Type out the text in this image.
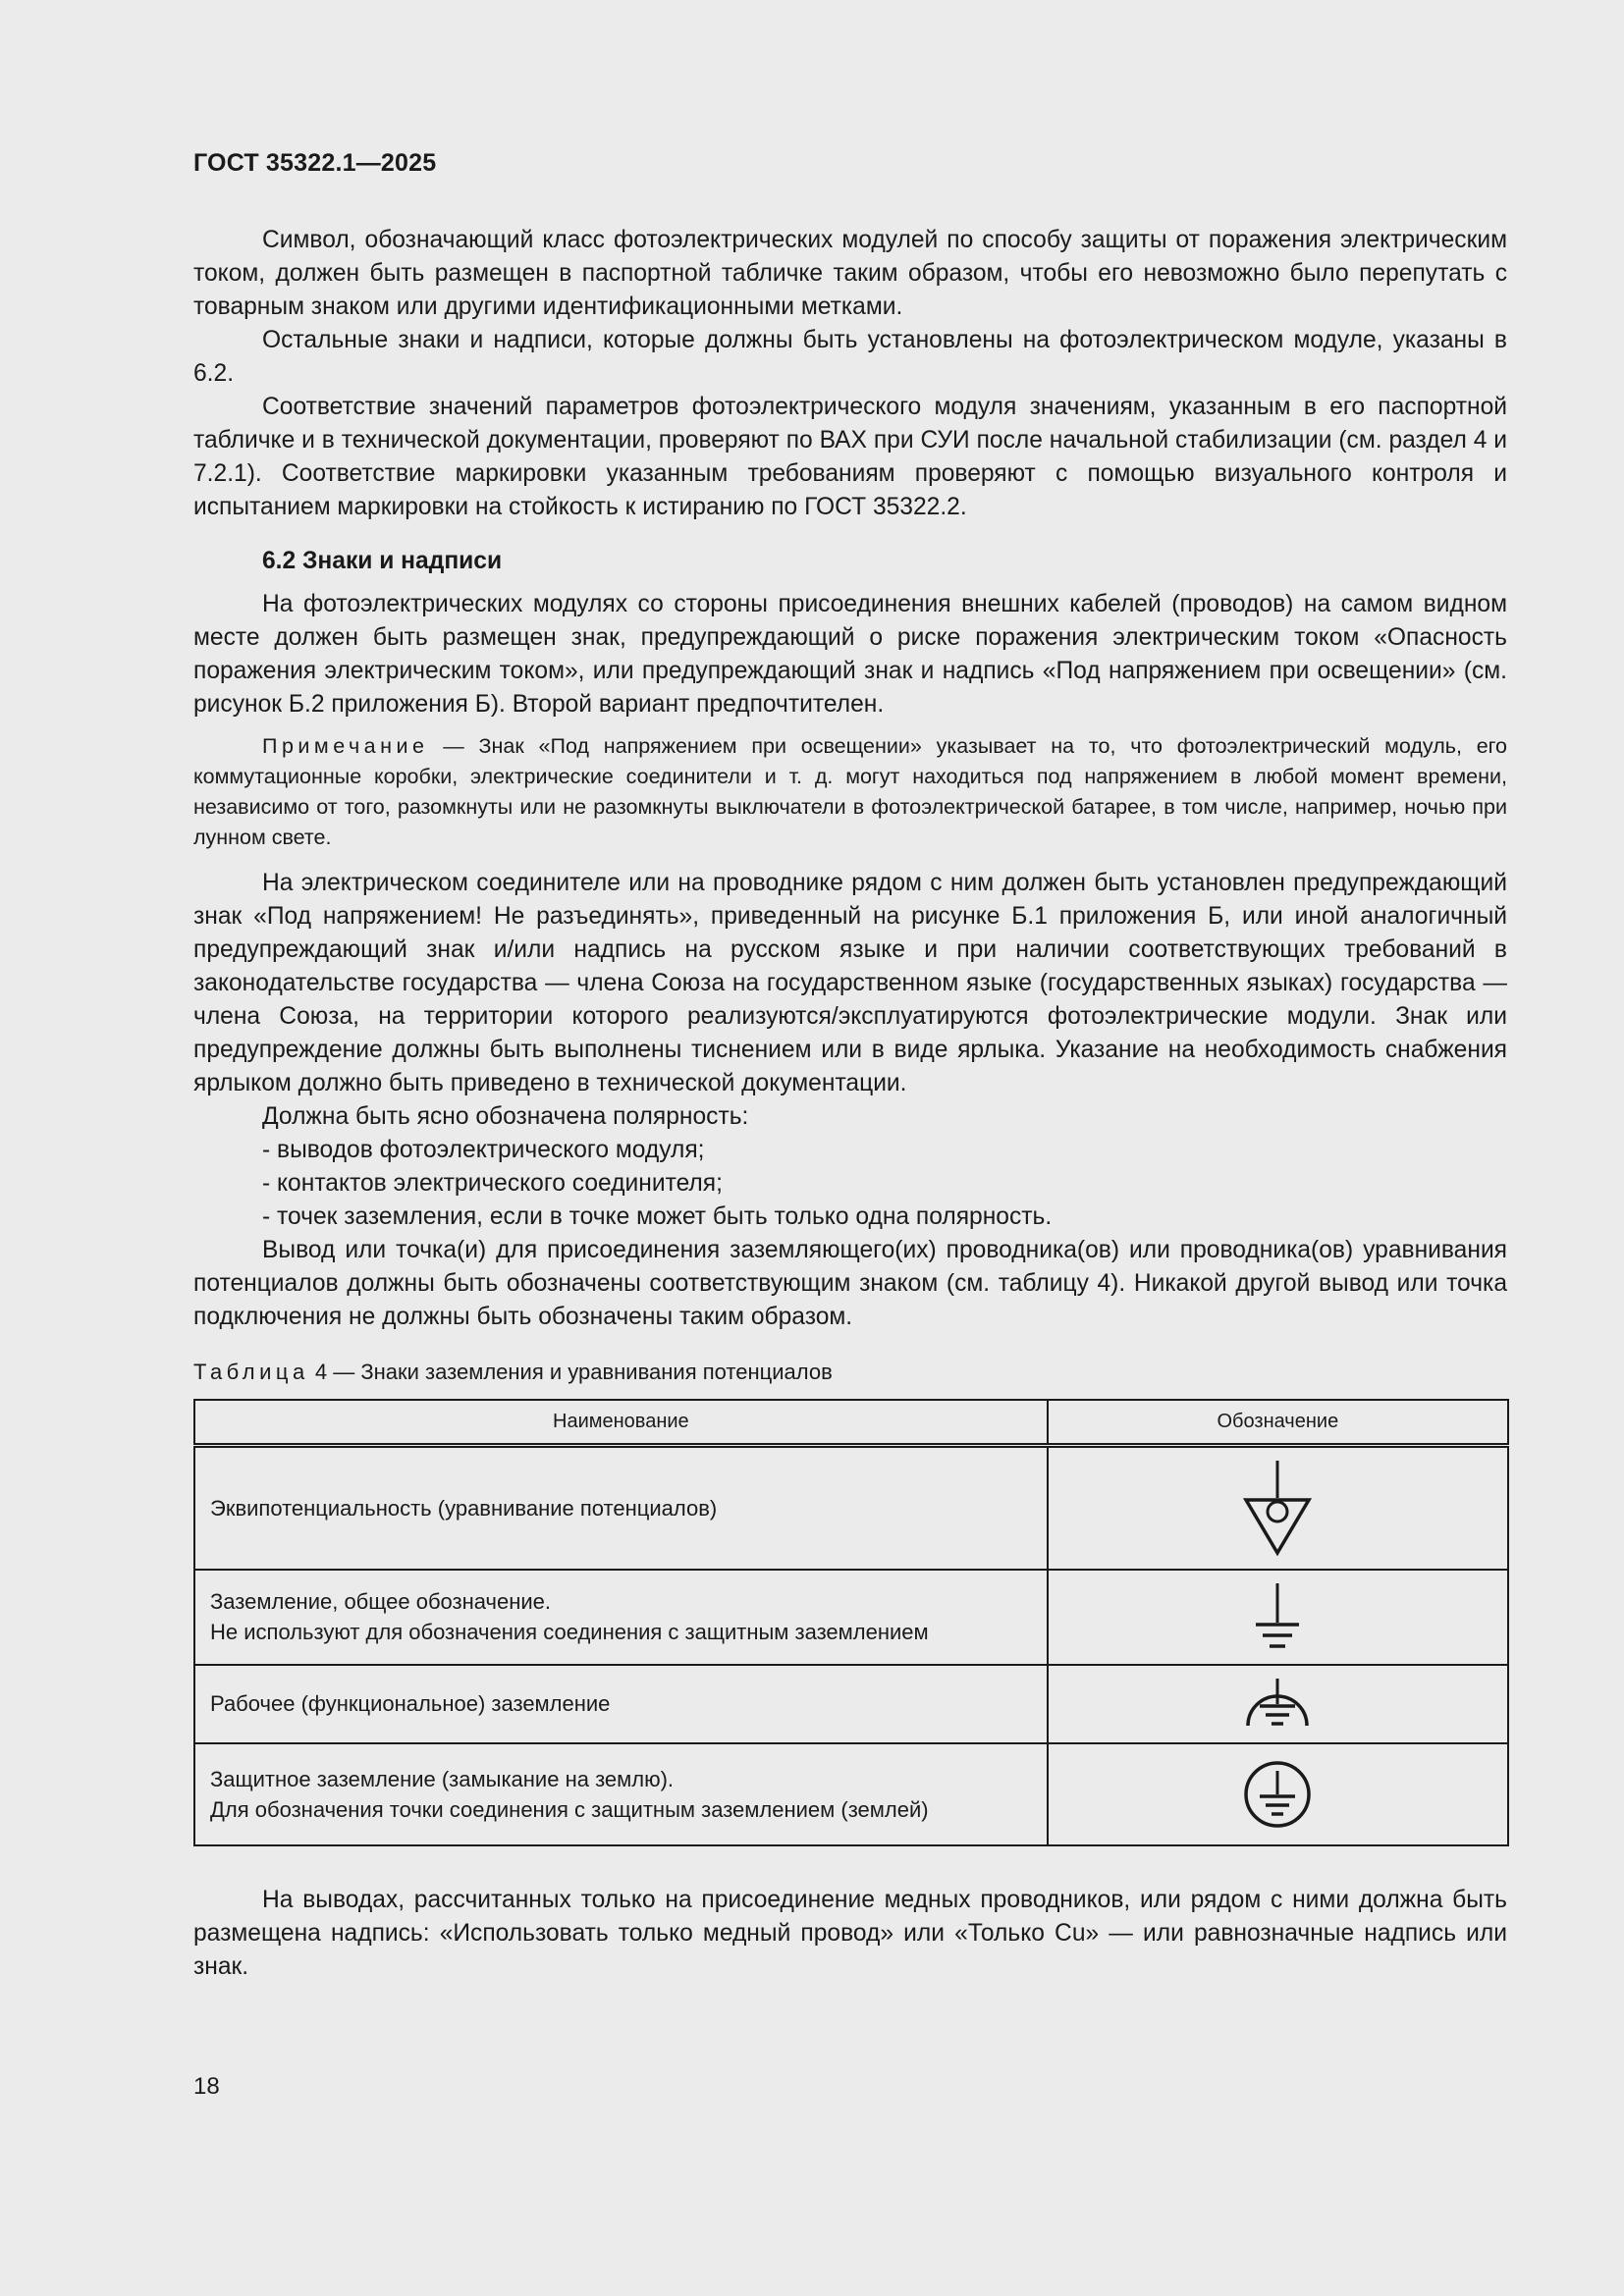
ГОСТ 35322.1—2025

Символ, обозначающий класс фотоэлектрических модулей по способу защиты от поражения электрическим током, должен быть размещен в паспортной табличке таким образом, чтобы его невозможно было перепутать с товарным знаком или другими идентификационными метками.

Остальные знаки и надписи, которые должны быть установлены на фотоэлектрическом модуле, указаны в 6.2.

Соответствие значений параметров фотоэлектрического модуля значениям, указанным в его паспортной табличке и в технической документации, проверяют по ВАХ при СУИ после начальной стабилизации (см. раздел 4 и 7.2.1). Соответствие маркировки указанным требованиям проверяют с помощью визуального контроля и испытанием маркировки на стойкость к истиранию по ГОСТ 35322.2.

6.2 Знаки и надписи

На фотоэлектрических модулях со стороны присоединения внешних кабелей (проводов) на самом видном месте должен быть размещен знак, предупреждающий о риске поражения электрическим током «Опасность поражения электрическим током», или предупреждающий знак и надпись «Под напряжением при освещении» (см. рисунок Б.2 приложения Б). Второй вариант предпочтителен.

Примечание — Знак «Под напряжением при освещении» указывает на то, что фотоэлектрический модуль, его коммутационные коробки, электрические соединители и т. д. могут находиться под напряжением в любой момент времени, независимо от того, разомкнуты или не разомкнуты выключатели в фотоэлектрической батарее, в том числе, например, ночью при лунном свете.

На электрическом соединителе или на проводнике рядом с ним должен быть установлен предупреждающий знак «Под напряжением! Не разъединять», приведенный на рисунке Б.1 приложения Б, или иной аналогичный предупреждающий знак и/или надпись на русском языке и при наличии соответствующих требований в законодательстве государства — члена Союза на государственном языке (государственных языках) государства — члена Союза, на территории которого реализуются/эксплуатируются фотоэлектрические модули. Знак или предупреждение должны быть выполнены тиснением или в виде ярлыка. Указание на необходимость снабжения ярлыком должно быть приведено в технической документации.

Должна быть ясно обозначена полярность:

- выводов фотоэлектрического модуля;
- контактов электрического соединителя;
- точек заземления, если в точке может быть только одна полярность.

Вывод или точка(и) для присоединения заземляющего(их) проводника(ов) или проводника(ов) уравнивания потенциалов должны быть обозначены соответствующим знаком (см. таблицу 4). Никакой другой вывод или точка подключения не должны быть обозначены таким образом.

Таблица 4 — Знаки заземления и уравнивания потенциалов
Наименование	Обозначение
Эквипотенциальность (уравнивание потенциалов)	

Заземление, общее обозначение.
Не используют для обозначения соединения с защитным заземлением

Рабочее (функциональное) заземление	

Защитное заземление (замыкание на землю).
Для обозначения точки соединения с защитным заземлением (землей)

На выводах, рассчитанных только на присоединение медных проводников, или рядом с ними должна быть размещена надпись: «Использовать только медный провод» или «Только Cu» — или равнозначные надпись или знак.

18
